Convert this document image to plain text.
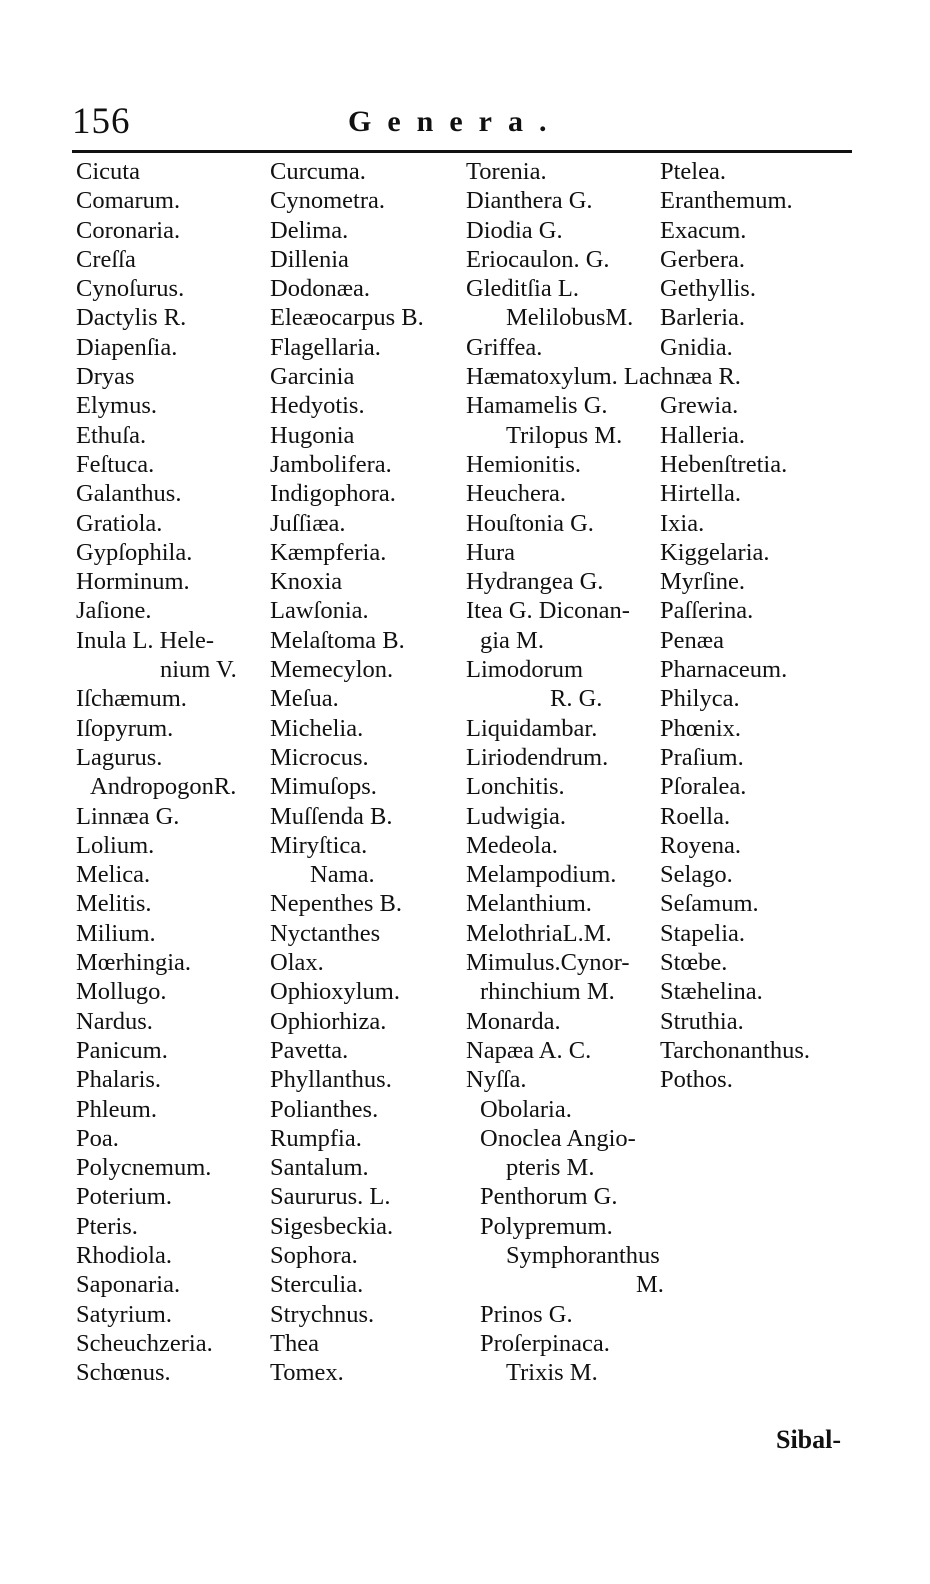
156	Genera.
Cicuta
Comarum.
Coronaria.
Creſſa
Cynoſurus.
Dactylis R.
Diapenſia.
Dryas
Elymus.
Ethuſa.
Feſtuca.
Galanthus.
Gratiola.
Gypſophila.
Horminum.
Jaſione.
Inula L. Hele-
nium V.
Iſchæmum.
Iſopyrum.
Lagurus.
AndropogonR.
Linnæa G.
Lolium.
Melica.
Melitis.
Milium.
Mœrhingia.
Mollugo.
Nardus.
Panicum.
Phalaris.
Phleum.
Poa.
Polycnemum.
Poterium.
Pteris.
Rhodiola.
Saponaria.
Satyrium.
Scheuchzeria.
Schœnus.
Curcuma.
Cynometra.
Delima.
Dillenia
Dodonæa.
Eleæocarpus B.
Flagellaria.
Garcinia
Hedyotis.
Hugonia
Jambolifera.
Indigophora.
Juſſiæa.
Kæmpferia.
Knoxia
Lawſonia.
Melaſtoma B.
Memecylon.
Meſua.
Michelia.
Microcus.
Mimuſops.
Muſſenda B.
Miryſtica.
Nama.
Nepenthes B.
Nyctanthes
Olax.
Ophioxylum.
Ophiorhiza.
Pavetta.
Phyllanthus.
Polianthes.
Rumpfia.
Santalum.
Saururus. L.
Sigesbeckia.
Sophora.
Sterculia.
Strychnus.
Thea
Tomex.
Torenia.
Dianthera G.
Diodia G.
Eriocaulon. G.
Gleditſia L.
MelilobusM.
Griffea.
Hæmatoxylum. Lachnæa R.
Hamamelis G.
Trilopus M.
Hemionitis.
Heuchera.
Houſtonia G.
Hura
Hydrangea G.
Itea G. Diconan-
gia M.
Limodorum
R. G.
Liquidambar.
Liriodendrum.
Lonchitis.
Ludwigia.
Medeola.
Melampodium.
Melanthium.
MelothriaL.M.
Mimulus.Cynor-
rhinchium M.
Monarda.
Napæa A. C.
Nyſſa.
Obolaria.
Onoclea Angio-
pteris M.
Penthorum G.
Polypremum.
Symphoranthus
M.
Prinos G.
Proſerpinaca.
Trixis M.
Ptelea.
Eranthemum.
Exacum.
Gerbera.
Gethyllis.
Barleria.
Gnidia.
Grewia.
Halleria.
Hebenſtretia.
Hirtella.
Ixia.
Kiggelaria.
Myrſine.
Paſſerina.
Penæa
Pharnaceum.
Philyca.
Phœnix.
Praſium.
Pſoralea.
Roella.
Royena.
Selago.
Seſamum.
Stapelia.
Stœbe.
Stæhelina.
Struthia.
Tarchonanthus.
Pothos.
Sibal-
